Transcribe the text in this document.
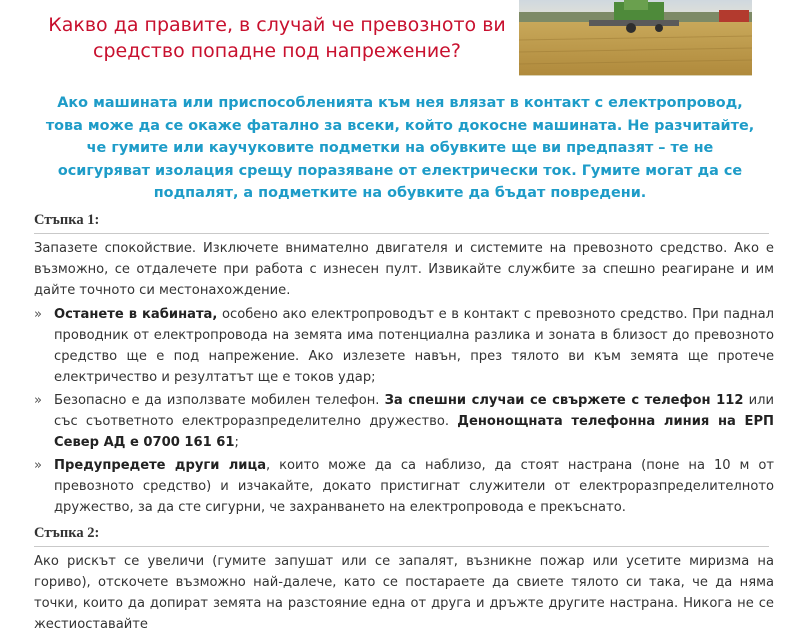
Какво да правите, в случай че превозното ви средство попадне под напрежение?
Ако машината или приспособленията към нея влязат в контакт с електропровод, това може да се окаже фатално за всеки, който докосне машината. Не разчитайте, че гумите или каучуковите подметки на обувките ще ви предпазят – те не осигуряват изолация срещу поразяване от електрически ток. Гумите могат да се подпалят, а подметките на обувките да бъдат повредени.
Стъпка 1:

Запазете спокойствие. Изключете внимателно двигателя и системите на превозното средство. Ако е възможно, се отдалечете при работа с изнесен пулт. Извикайте службите за спешно реагиране и им дайте точното си местонахождение.

» Останете в кабината, особено ако електропроводът е в контакт с превозното средство. При паднал проводник от електропровода на земята има потенциална разлика и зоната в близост до превозното средство ще е под напрежение. Ако излезете навън, през тялото ви към земята ще протече електричество и резултатът ще е токов удар;
» Безопасно е да използвате мобилен телефон. За спешни случаи се свържете с телефон 112 или със съответното електроразпределително дружество. Денонощната телефонна линия на ЕРП Север АД е 0700 161 61;
» Предупредете други лица, които може да са наблизо, да стоят настрана (поне на 10 м от превозното средство) и изчакайте, докато пристигнат служители от електроразпределителното дружество, за да сте сигурни, че захранването на електропровода е прекъснато.
Стъпка 2:

Ако рискът се увеличи (гумите запушат или се запалят, възникне пожар или усетите миризма на гориво), отскочете възможно най-далече, като се постараете да свиете тялото си така, че да няма точки, които да допират земята на разстояние една от друга и дръжте другите настрана. Никога не се жестиоставайте
